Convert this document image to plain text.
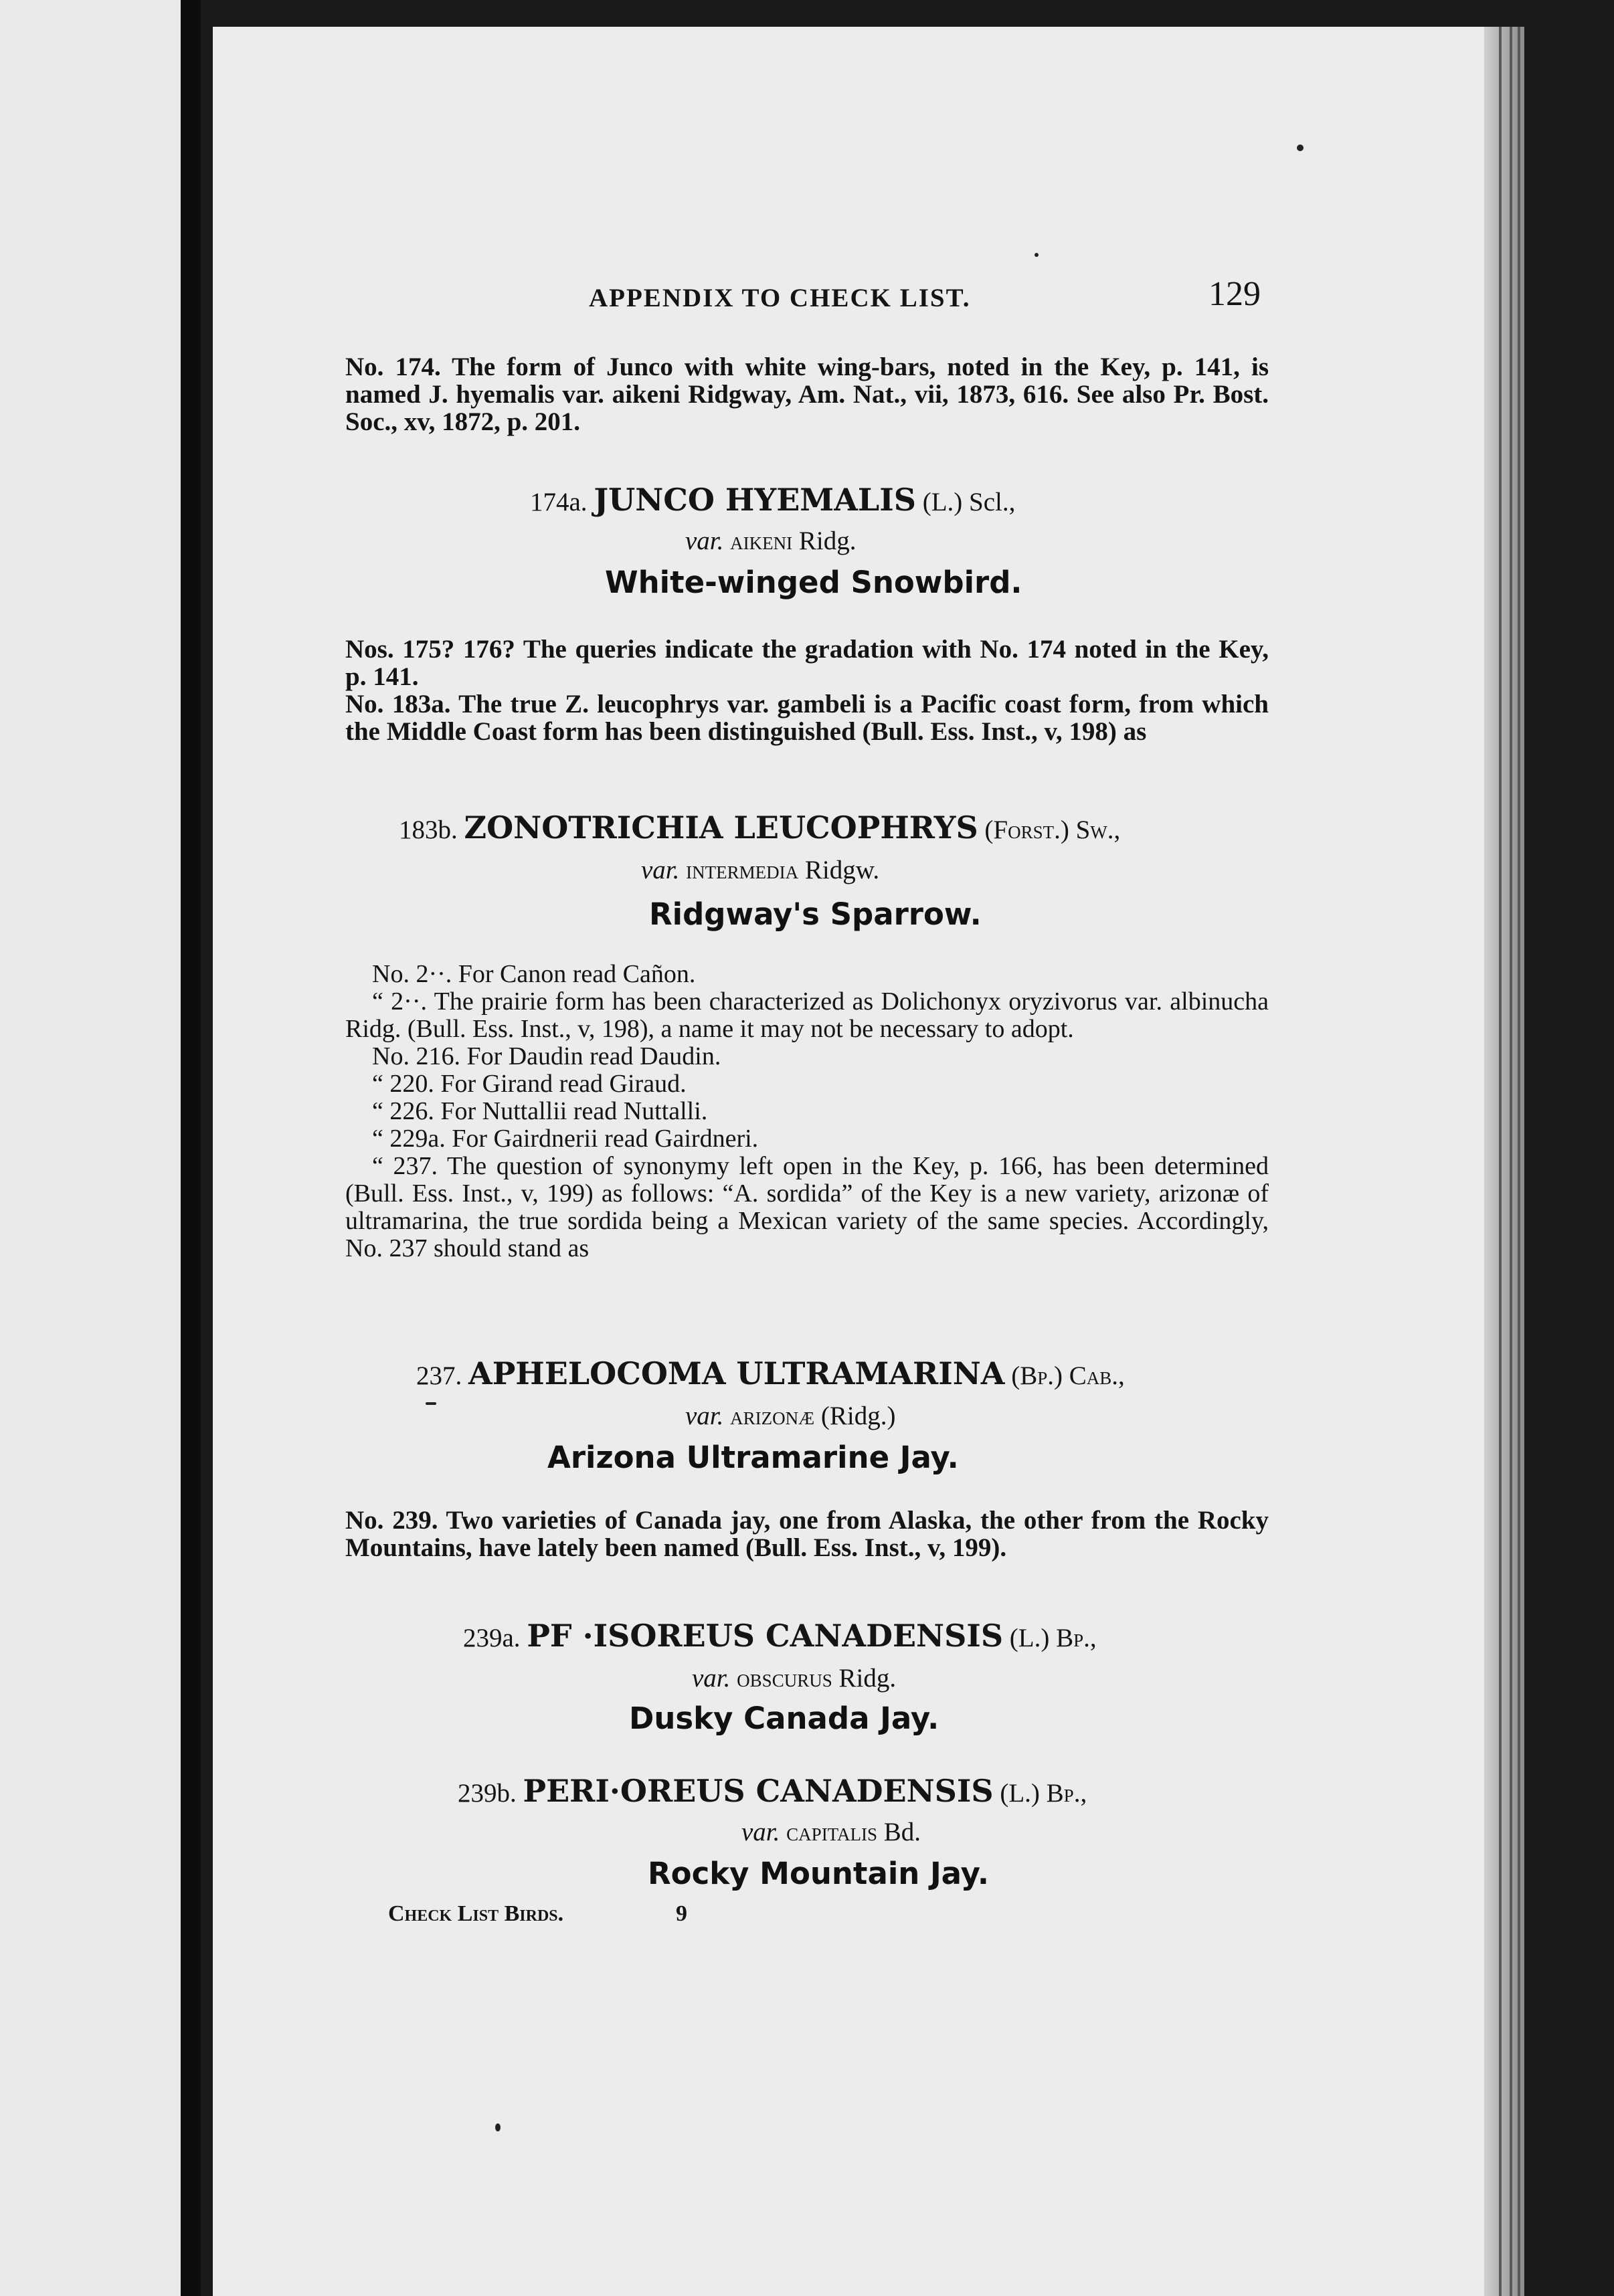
APPENDIX TO CHECK LIST.	129

No. 174. The form of Junco with white wing-bars, noted in the Key, p. 141, is named J. hyemalis var. aikeni Ridgway, Am. Nat., vii, 1873, 616. See also Pr. Bost. Soc., xv, 1872, p. 201.

174a. JUNCO HYEMALIS (L.) Scl.,
var. aikeni Ridg.
White-winged Snowbird.

Nos. 175? 176? The queries indicate the gradation with No. 174 noted in the Key, p. 141.

No. 183a. The true Z. leucophrys var. gambeli is a Pacific coast form, from which the Middle Coast form has been distinguished (Bull. Ess. Inst., v, 198) as

183b. ZONOTRICHIA LEUCOPHRYS (Forst.) Sw.,
var. intermedia Ridgw.
Ridgway's Sparrow.
No. 2··. For Canon read Cañon.
“ 2··. The prairie form has been characterized as Dolichonyx oryzivorus var. albinucha Ridg. (Bull. Ess. Inst., v, 198), a name it may not be necessary to adopt.
No. 216. For Daudin read Daudin.
“ 220. For Girand read Giraud.
“ 226. For Nuttallii read Nuttalli.
“ 229a. For Gairdnerii read Gairdneri.
“ 237. The question of synonymy left open in the Key, p. 166, has been determined (Bull. Ess. Inst., v, 199) as follows: “A. sordida” of the Key is a new variety, arizonæ of ultramarina, the true sordida being a Mexican variety of the same species. Accordingly, No. 237 should stand as
237. APHELOCOMA ULTRAMARINA (Bp.) Cab.,
var. arizonæ (Ridg.)
Arizona Ultramarine Jay.

No. 239. Two varieties of Canada jay, one from Alaska, the other from the Rocky Mountains, have lately been named (Bull. Ess. Inst., v, 199).

239a. PF ·ISOREUS CANADENSIS (L.) Bp.,
var. obscurus Ridg.
Dusky Canada Jay.
239b. PERI·OREUS CANADENSIS (L.) Bp.,
var. capitalis Bd.
Rocky Mountain Jay.
Check List Birds.	9
